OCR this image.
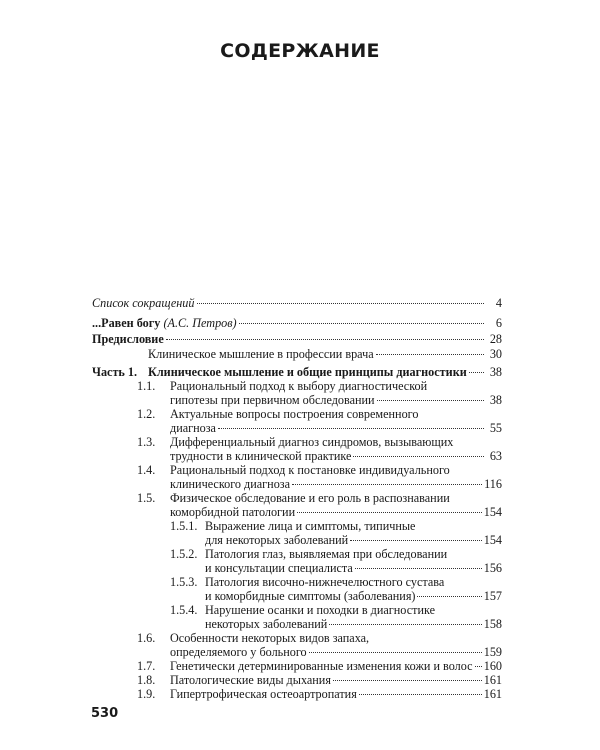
СОДЕРЖАНИЕ
Список сокращений	4
...Равен богу (А.С. Петров)	6
Предисловие	28
Клиническое мышление в профессии врача	30
Часть 1. Клиническое мышление и общие принципы диагностики	38
1.1. Рациональный подход к выбору диагностической
гипотезы при первичном обследовании	38
1.2. Актуальные вопросы построения современного
диагноза	55
1.3. Дифференциальный диагноз синдромов, вызывающих
трудности в клинической практике	63
1.4. Рациональный подход к постановке индивидуального
клинического диагноза	116
1.5. Физическое обследование и его роль в распознавании
коморбидной патологии	154
1.5.1. Выражение лица и симптомы, типичные
для некоторых заболеваний	154
1.5.2. Патология глаз, выявляемая при обследовании
и консультации специалиста	156
1.5.3. Патология височно-нижнечелюстного сустава
и коморбидные симптомы (заболевания)	157
1.5.4. Нарушение осанки и походки в диагностике
некоторых заболеваний	158
1.6. Особенности некоторых видов запаха,
определяемого у больного	159
1.7. Генетически детерминированные изменения кожи и волос 160
1.8. Патологические виды дыхания	161
1.9. Гипертрофическая остеоартропатия	161
530
